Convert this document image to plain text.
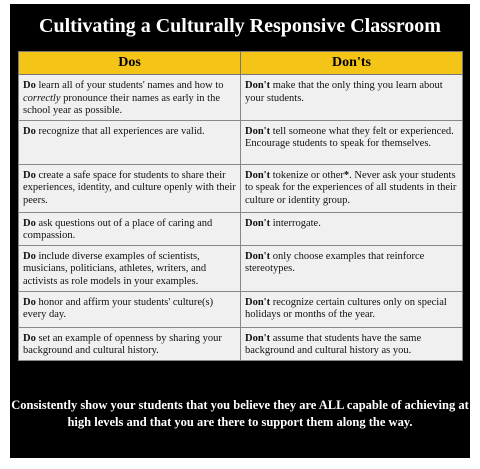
Cultivating a Culturally Responsive Classroom
Dos	Don'ts
Do learn all of your students' names and how to correctly pronounce their names as early in the school year as possible.	Don't make that the only thing you learn about your students.
Do recognize that all experiences are valid.	Don't tell someone what they felt or experienced. Encourage students to speak for themselves.
Do create a safe space for students to share their experiences, identity, and culture openly with their peers.	Don't tokenize or other*. Never ask your students to speak for the experiences of all students in their culture or identity group.
Do ask questions out of a place of caring and compassion.	Don't interrogate.
Do include diverse examples of scientists, musicians, politicians, athletes, writers, and activists as role models in your examples.	Don't only choose examples that reinforce stereotypes.
Do honor and affirm your students' culture(s) every day.	Don't recognize certain cultures only on special holidays or months of the year.
Do set an example of openness by sharing your background and cultural history.	Don't assume that students have the same background and cultural history as you.
Consistently show your students that you believe they are ALL capable of achieving at high levels and that you are there to support them along the way.
